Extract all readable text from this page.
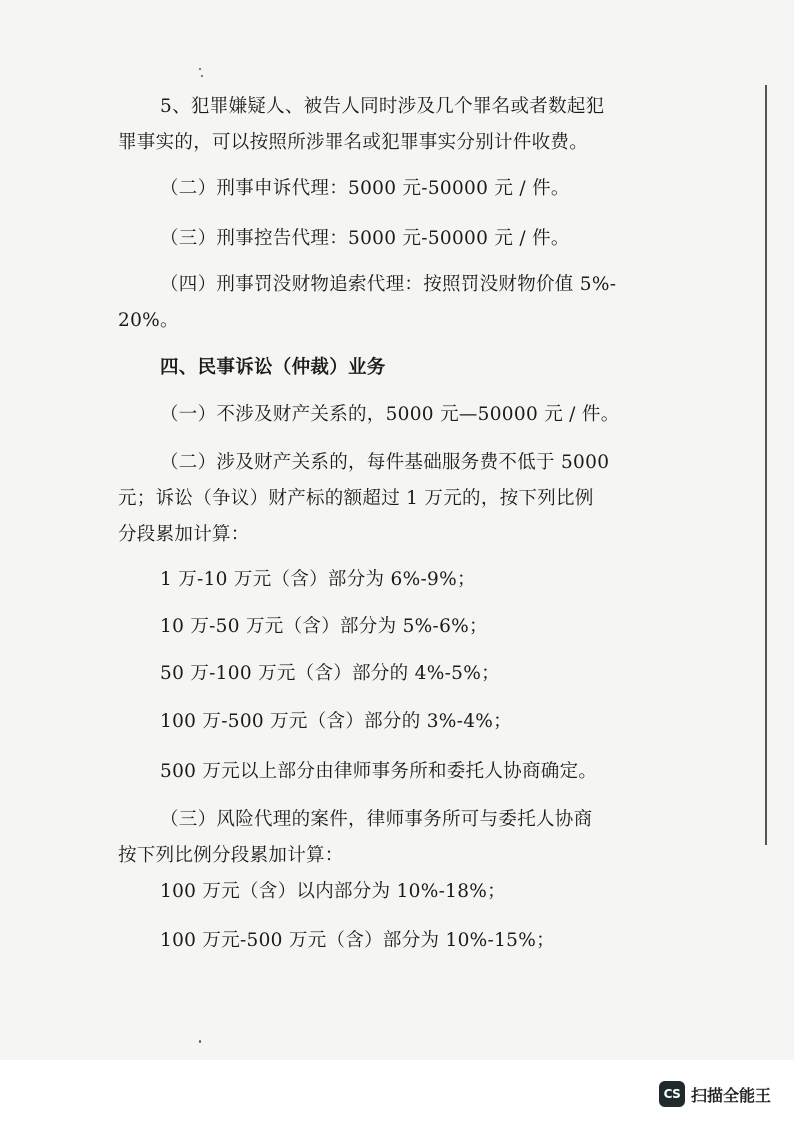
5、犯罪嫌疑人、被告人同时涉及几个罪名或者数起犯
罪事实的，可以按照所涉罪名或犯罪事实分别计件收费。
（二）刑事申诉代理：5000 元-50000 元 / 件。
（三）刑事控告代理：5000 元-50000 元 / 件。
（四）刑事罚没财物追索代理：按照罚没财物价值 5%-
20%。
四、民事诉讼（仲裁）业务
（一）不涉及财产关系的，5000 元—50000 元 / 件。
（二）涉及财产关系的，每件基础服务费不低于 5000
元；诉讼（争议）财产标的额超过 1 万元的，按下列比例
分段累加计算：
1 万-10 万元（含）部分为 6%-9%；
10 万-50 万元（含）部分为 5%-6%；
50 万-100 万元（含）部分的 4%-5%；
100 万-500 万元（含）部分的 3%-4%；
500 万元以上部分由律师事务所和委托人协商确定。
（三）风险代理的案件，律师事务所可与委托人协商
按下列比例分段累加计算：
100 万元（含）以内部分为 10%-18%；
100 万元-500 万元（含）部分为 10%-15%；
CS 扫描全能王
